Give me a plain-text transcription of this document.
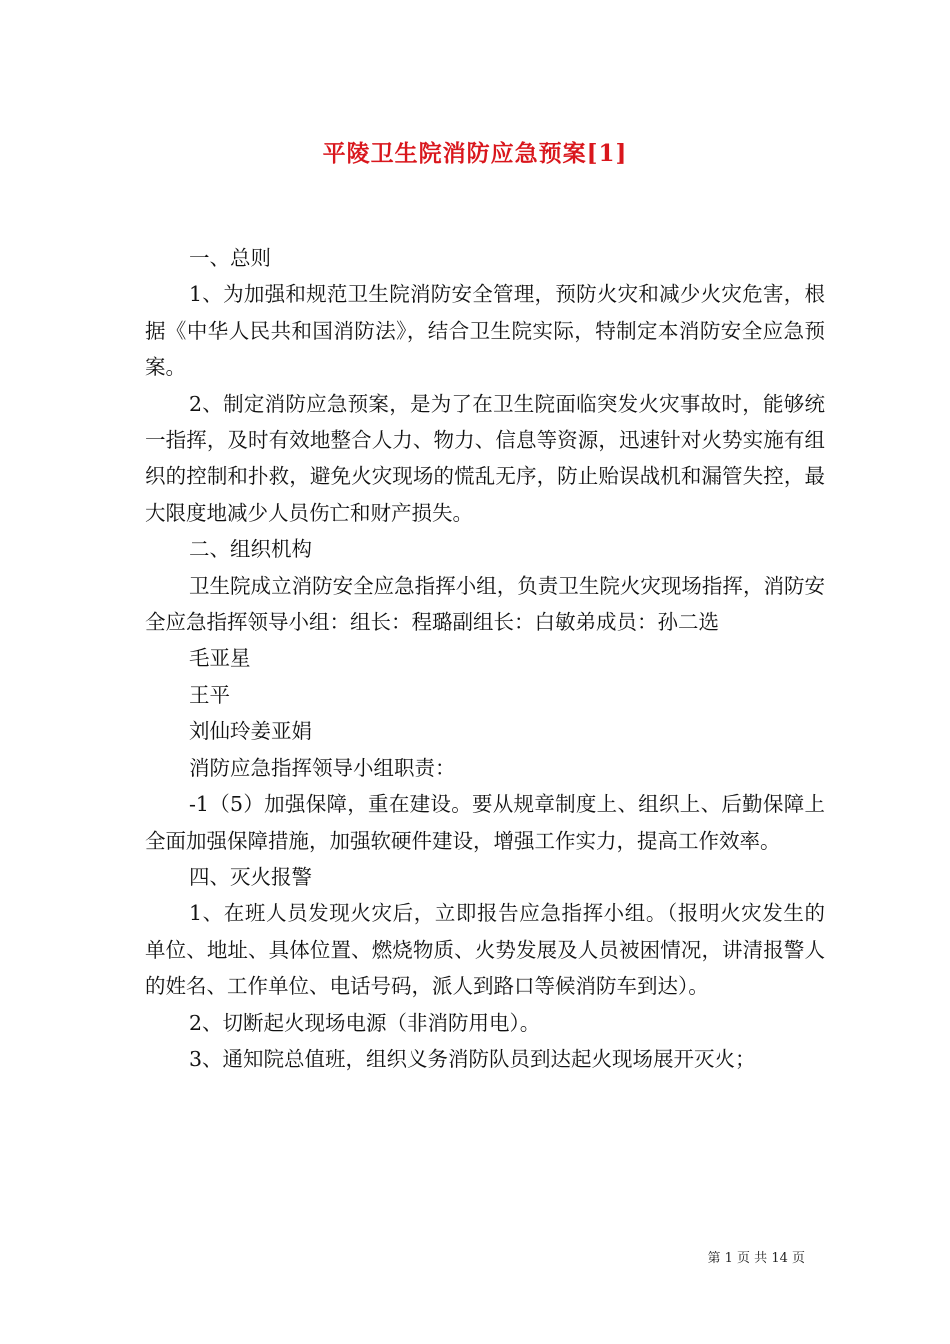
平陵卫生院消防应急预案[1]

一、总则

1、为加强和规范卫生院消防安全管理，预防火灾和减少火灾危害，根据《中华人民共和国消防法》，结合卫生院实际，特制定本消防安全应急预案。

2、制定消防应急预案，是为了在卫生院面临突发火灾事故时，能够统一指挥，及时有效地整合人力、物力、信息等资源，迅速针对火势实施有组织的控制和扑救，避免火灾现场的慌乱无序，防止贻误战机和漏管失控，最大限度地减少人员伤亡和财产损失。

二、组织机构

卫生院成立消防安全应急指挥小组，负责卫生院火灾现场指挥，消防安全应急指挥领导小组：组长：程璐副组长：白敏弟成员：孙二选

毛亚星

王平

刘仙玲姜亚娟

消防应急指挥领导小组职责：

-1（5）加强保障，重在建设。要从规章制度上、组织上、后勤保障上全面加强保障措施，加强软硬件建设，增强工作实力，提高工作效率。

四、灭火报警

1、在班人员发现火灾后，立即报告应急指挥小组。（报明火灾发生的单位、地址、具体位置、燃烧物质、火势发展及人员被困情况，讲清报警人的姓名、工作单位、电话号码，派人到路口等候消防车到达）。

2、切断起火现场电源（非消防用电）。

3、通知院总值班，组织义务消防队员到达起火现场展开灭火；

第 1 页 共 14 页
